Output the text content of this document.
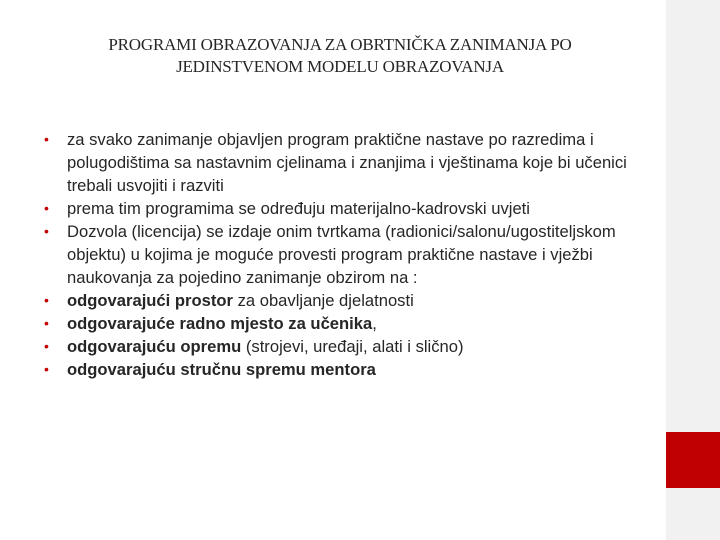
PROGRAMI OBRAZOVANJA ZA OBRTNIČKA ZANIMANJA PO
JEDINSTVENOM MODELU OBRAZOVANJA
• za svako zanimanje objavljen program praktične nastave po razredima i polugodištima sa nastavnim cjelinama i znanjima i vještinama koje bi učenici trebali usvojiti i razviti
• prema tim programima se određuju materijalno-kadrovski uvjeti
• Dozvola (licencija) se izdaje onim tvrtkama (radionici/salonu/ugostiteljskom objektu) u kojima je moguće provesti program praktične nastave i vježbi naukovanja za pojedino zanimanje obzirom na :
• odgovarajući prostor za obavljanje djelatnosti
• odgovarajuće radno mjesto za učenika,
• odgovarajuću opremu (strojevi, uređaji, alati i slično)
• odgovarajuću stručnu spremu mentora
